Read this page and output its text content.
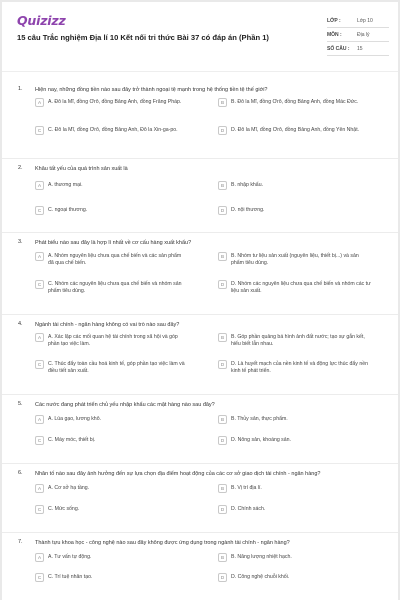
Quizizz
15 câu Trắc nghiệm Địa lí 10 Kết nối tri thức Bài 37 có đáp án (Phần 1)
LỚP :	Lớp 10
MÔN :	Địa lý
SỐ CÂU :	15
1. Hiện nay, những đồng tiền nào sau đây trở thành ngoại tệ mạnh trong hệ thống tiền tệ thế giới?
A	A. Đô la Mĩ, đồng Ơrô, đồng Bảng Anh, đồng Frăng Pháp.	B	B. Đô la Mĩ, đồng Ơrô, đồng Bảng Anh, đồng Mác Đức.
C	C. Đô la Mĩ, đồng Ơrô, đồng Bảng Anh, Đô la Xin-ga-po.	D	D. Đô la Mĩ, đồng Ơrô, đồng Bảng Anh, đồng Yên Nhật.
2. Khâu tất yếu của quá trình sản xuất là
A	A. thương mại.	B	B. nhập khẩu.
C	C. ngoại thương.	D	D. nội thương.
3. Phát biểu nào sau đây là hợp lí nhất về cơ cấu hàng xuất khẩu?
A	A. Nhóm nguyên liệu chưa qua chế biến và các sản phẩm đã qua chế biến.
B	B. Nhóm tư liệu sản xuất (nguyên liệu, thiết bị...) và sản phẩm tiêu dùng.
C	C. Nhóm các nguyên liệu chưa qua chế biến và nhóm sản phẩm tiêu dùng.
D	D. Nhóm các nguyên liệu chưa qua chế biến và nhóm các tư liệu sản xuất.
4. Ngành tài chính - ngân hàng không có vai trò nào sau đây?
A	A. Xác lập các mối quan hệ tài chính trong xã hội và góp phần tạo việc làm.
B	B. Góp phần quảng bá hình ảnh đất nước; tạo sự gắn kết, hiểu biết lẫn nhau.
C	C. Thúc đẩy toàn cầu hoá kinh tế, góp phần tạo việc làm và điều tiết sản xuất.
D	D. Là huyết mạch của nền kinh tế và động lực thúc đẩy nền kinh tế phát triển.
5. Các nước đang phát triển chủ yếu nhập khẩu các mặt hàng nào sau đây?
A	A. Lúa gạo, lương khô.	B	B. Thủy sản, thực phẩm.
C	C. Máy móc, thiết bị.	D	D. Nông sản, khoáng sản.
6. Nhân tố nào sau đây ảnh hưởng đến sự lựa chọn địa điểm hoạt động của các cơ sở giao dịch tài chính - ngân hàng?
A	A. Cơ sở hạ tầng.	B	B. Vị trí địa lí.
C	C. Mức sống.	D	D. Chính sách.
7. Thành tựu khoa học - công nghệ nào sau đây không được ứng dụng trong ngành tài chính - ngân hàng?
A	A. Tư vấn tự động.	B	B. Năng lượng nhiệt hạch.
C	C. Trí tuệ nhân tạo.	D	D. Công nghệ chuỗi khối.
